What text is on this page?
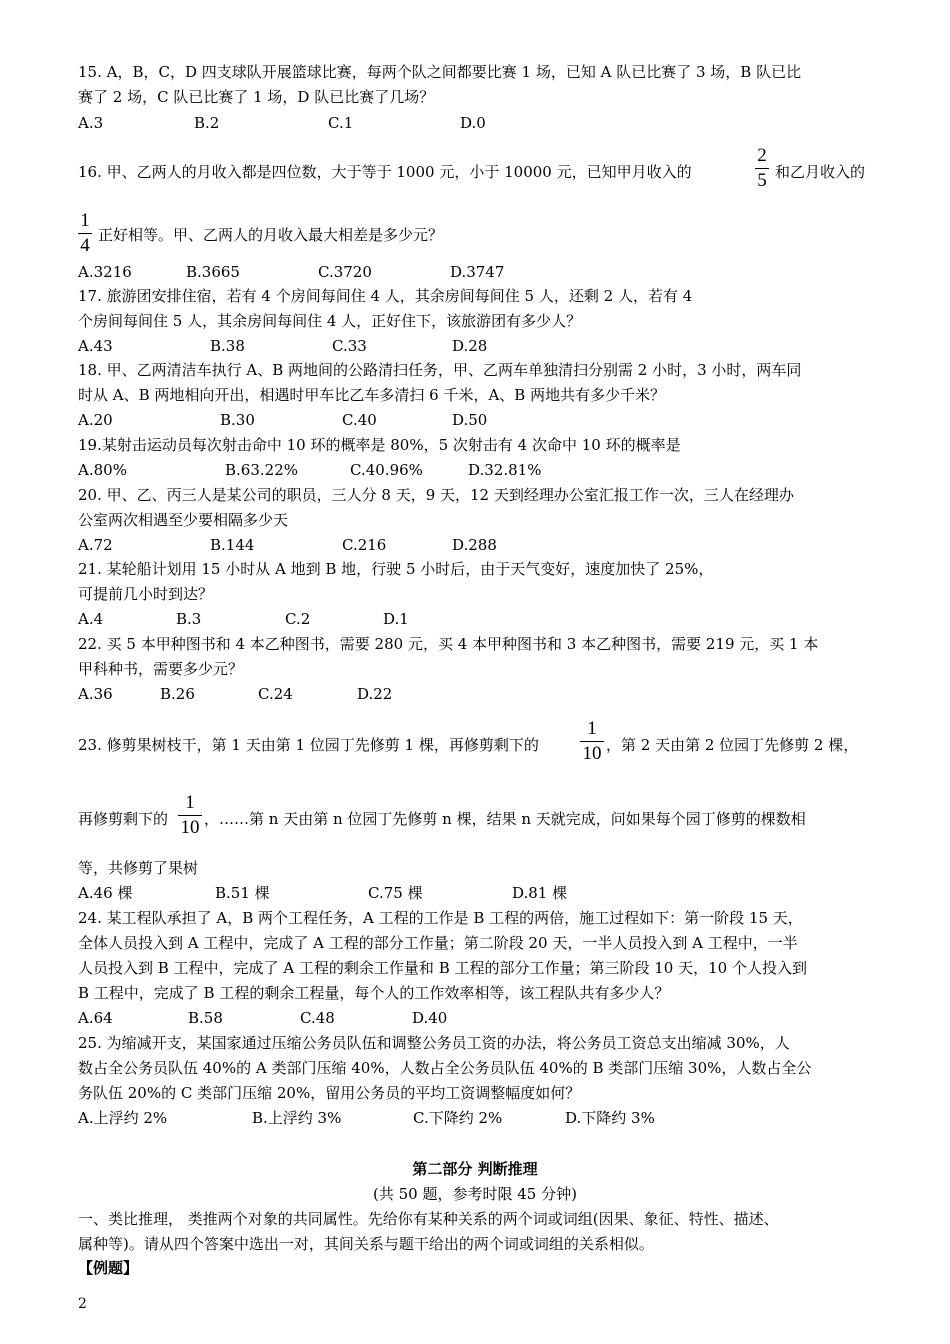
15. A，B，C，D 四支球队开展篮球比赛，每两个队之间都要比赛 1 场，已知 A 队已比赛了 3 场，B 队已比
赛了 2 场，C 队已比赛了 1 场，D 队已比赛了几场？
A.3	B.2	C.1	D.0
16. 甲、乙两人的月收入都是四位数，大于等于 1000 元，小于 10000 元，已知甲月收入的
2
5 和乙月收入的
1
4 正好相等。甲、乙两人的月收入最大相差是多少元？
A.3216	B.3665	C.3720	D.3747
17. 旅游团安排住宿，若有 4 个房间每间住 4 人，其余房间每间住 5 人，还剩 2 人，若有 4
个房间每间住 5 人，其余房间每间住 4 人，正好住下，该旅游团有多少人？
A.43	B.38	C.33	D.28
18. 甲、乙两清洁车执行 A、B 两地间的公路清扫任务，甲、乙两车单独清扫分别需 2 小时，3 小时，两车同
时从 A、B 两地相向开出，相遇时甲车比乙车多清扫 6 千米，A、B 两地共有多少千米？
A.20	B.30	C.40	D.50
19.某射击运动员每次射击命中 10 环的概率是 80%，5 次射击有 4 次命中 10 环的概率是
A.80%	B.63.22%	C.40.96%	D.32.81%
20. 甲、乙、丙三人是某公司的职员，三人分 8 天，9 天，12 天到经理办公室汇报工作一次，三人在经理办
公室两次相遇至少要相隔多少天
A.72	B.144	C.216	D.288
21. 某轮船计划用 15 小时从 A 地到 B 地，行驶 5 小时后，由于天气变好，速度加快了 25%，
可提前几小时到达？
A.4	B.3	C.2	D.1
22. 买 5 本甲种图书和 4 本乙种图书，需要 280 元，买 4 本甲种图书和 3 本乙种图书，需要 219 元，买 1 本
甲科种书，需要多少元？
A.36	B.26	C.24	D.22
23. 修剪果树枝干，第 1 天由第 1 位园丁先修剪 1 棵，再修剪剩下的
1
10 ，第 2 天由第 2 位园丁先修剪 2 棵，
再修剪剩下的
1
10 ，……第 n 天由第 n 位园丁先修剪 n 棵，结果 n 天就完成，问如果每个园丁修剪的棵数相
等，共修剪了果树
A.46 棵	B.51 棵	C.75 棵	D.81 棵
24. 某工程队承担了 A，B 两个工程任务，A 工程的工作是 B 工程的两倍，施工过程如下：第一阶段 15 天，
全体人员投入到 A 工程中，完成了 A 工程的部分工作量；第二阶段 20 天，一半人员投入到 A 工程中，一半
人员投入到 B 工程中，完成了 A 工程的剩余工作量和 B 工程的部分工作量；第三阶段 10 天，10 个人投入到
B 工程中，完成了 B 工程的剩余工程量，每个人的工作效率相等，该工程队共有多少人？
A.64	B.58	C.48	D.40
25. 为缩减开支，某国家通过压缩公务员队伍和调整公务员工资的办法，将公务员工资总支出缩减 30%，人
数占全公务员队伍 40%的 A 类部门压缩 40%，人数占全公务员队伍 40%的 B 类部门压缩 30%，人数占全公
务队伍 20%的 C 类部门压缩 20%，留用公务员的平均工资调整幅度如何？
A.上浮约 2%	B.上浮约 3%	C.下降约 2%	D.下降约 3%
第二部分 判断推理
(共 50 题，参考时限 45 分钟)
一、类比推理， 类推两个对象的共同属性。先给你有某种关系的两个词或词组(因果、象征、特性、描述、
属种等)。请从四个答案中选出一对，其间关系与题干给出的两个词或词组的关系相似。
【例题】
2
